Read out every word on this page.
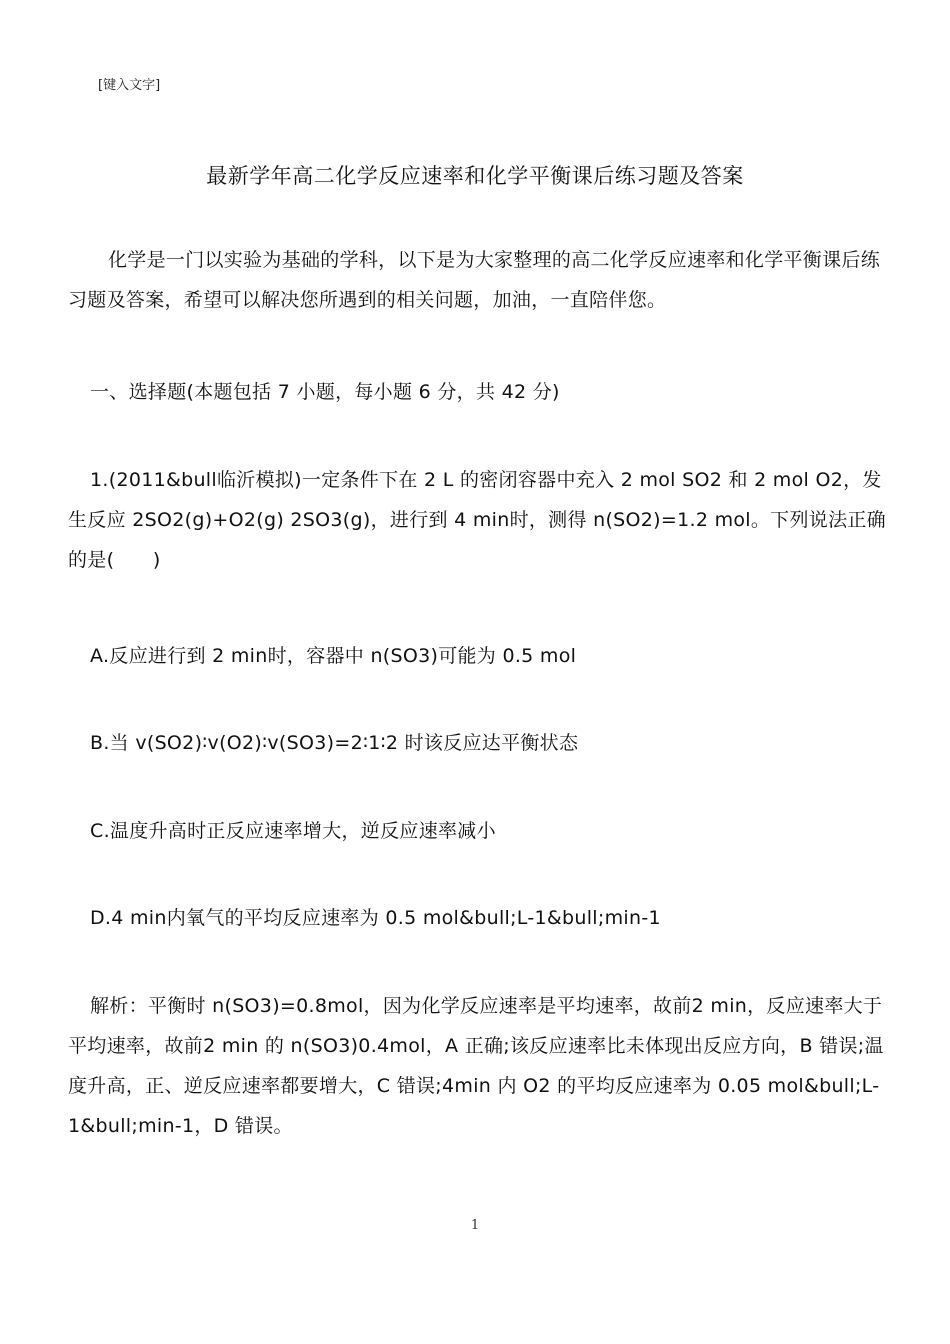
[键入文字]
最新学年高二化学反应速率和化学平衡课后练习题及答案
化学是一门以实验为基础的学科，以下是为大家整理的高二化学反应速率和化学平衡课后练习题及答案，希望可以解决您所遇到的相关问题，加油，一直陪伴您。
一、选择题(本题包括 7 小题，每小题 6 分，共 42 分)
1.(2011&bull临沂模拟)一定条件下在 2 L 的密闭容器中充入 2 mol SO2 和 2 mol O2，发生反应 2SO2(g)+O2(g) 2SO3(g)，进行到 4 min时，测得 n(SO2)=1.2 mol。下列说法正确的是(　　)
A.反应进行到 2 min时，容器中 n(SO3)可能为 0.5 mol
B.当 v(SO2)∶v(O2)∶v(SO3)=2∶1∶2 时该反应达平衡状态
C.温度升高时正反应速率增大，逆反应速率减小
D.4 min内氧气的平均反应速率为 0.5 mol&bull;L-1&bull;min-1
解析：平衡时 n(SO3)=0.8mol，因为化学反应速率是平均速率，故前2 min，反应速率大于平均速率，故前2 min 的 n(SO3)0.4mol，A 正确;该反应速率比未体现出反应方向，B 错误;温度升高，正、逆反应速率都要增大，C 错误;4min 内 O2 的平均反应速率为 0.05 mol&bull;L-1&bull;min-1，D 错误。
1
